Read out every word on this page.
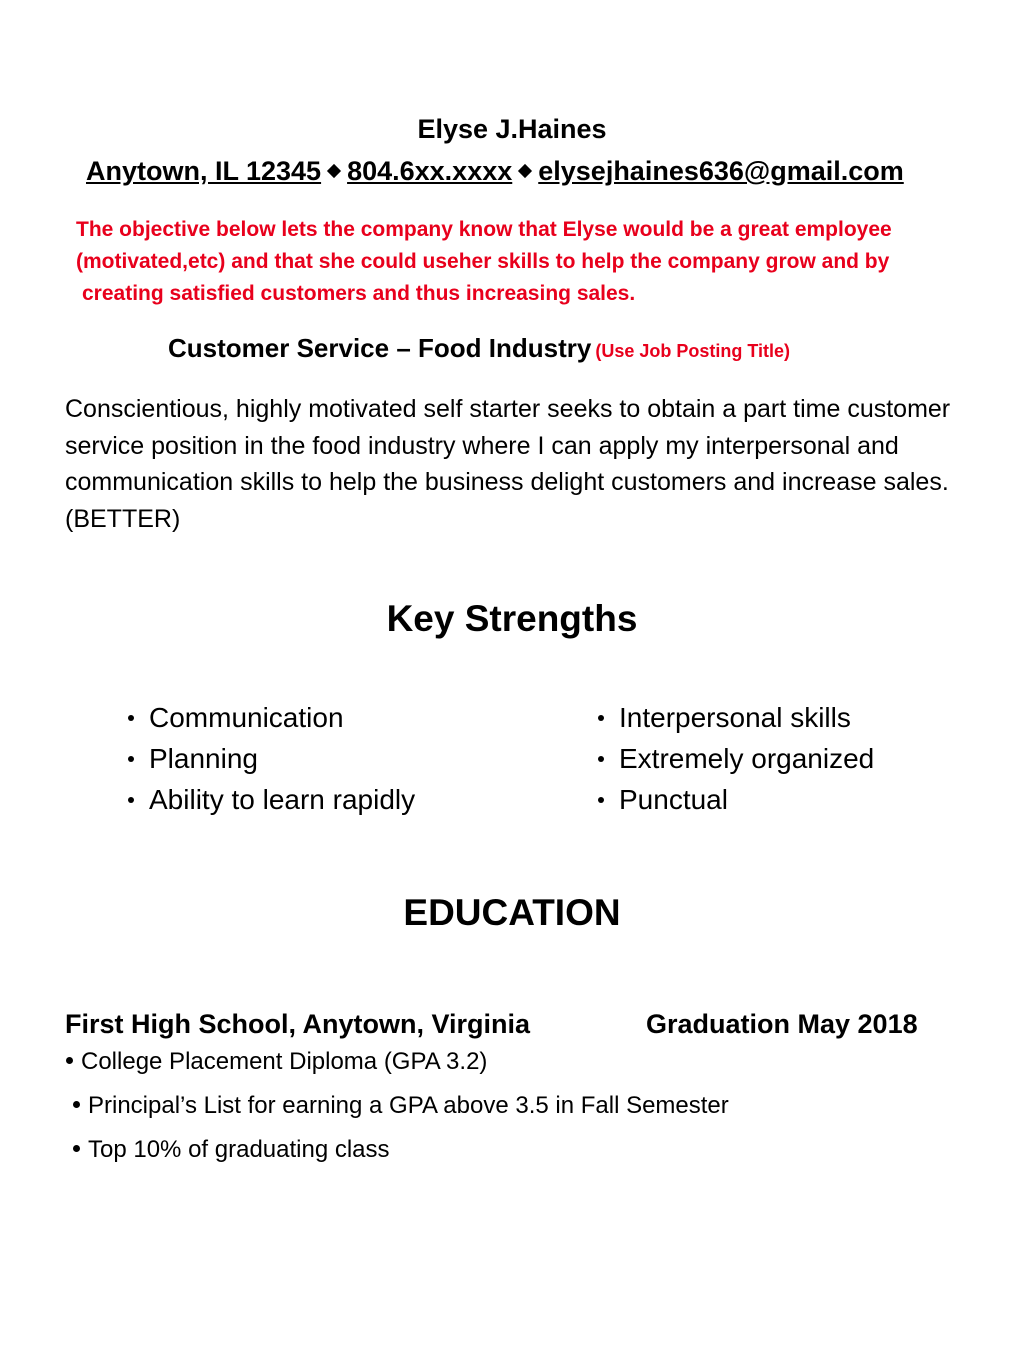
Elyse J.Haines
Anytown, IL 12345 804.6xx.xxxx elysejhaines636@gmail.com
The objective below lets the company know that Elyse would be a great employee
(motivated,etc) and that she could useher skills to help the company grow and by
creating satisfied customers and thus increasing sales.
Customer Service – Food Industry (Use Job Posting Title)
Conscientious, highly motivated self starter seeks to obtain a part time customer service position in the food industry where I can apply my interpersonal and communication skills to help the business delight customers and increase sales. (BETTER)
Key Strengths
Communication
Planning
Ability to learn rapidly
Interpersonal skills
Extremely organized
Punctual
EDUCATION
First High School, Anytown, Virginia	Graduation May 2018
College Placement Diploma (GPA 3.2)
Principal’s List for earning a GPA above 3.5 in Fall Semester
Top 10% of graduating class
